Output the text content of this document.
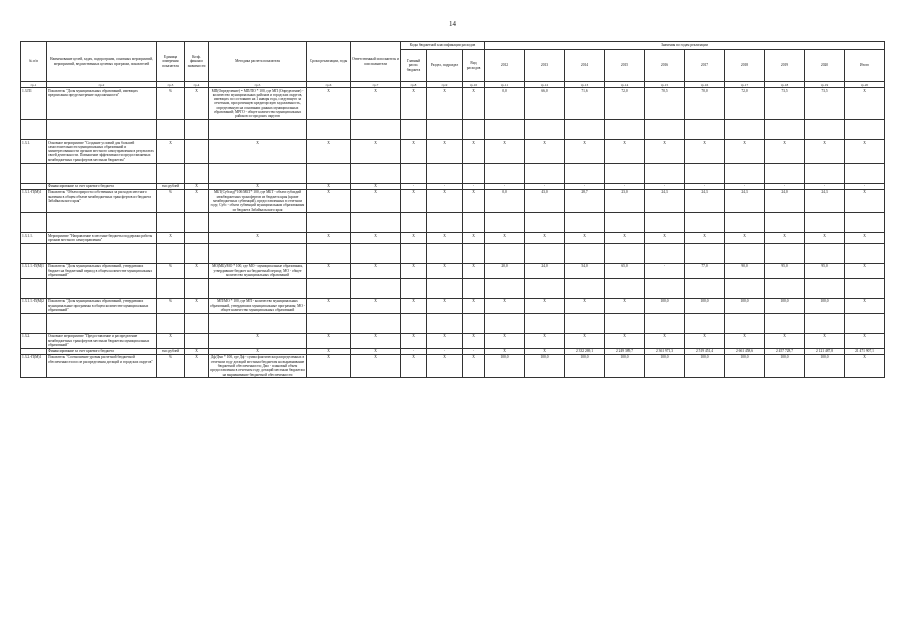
14
№ п/п	Наименование целей, задач, подпрограмм, основных мероприятий, мероприятий, ведомственных целевых программ, показателей	Единица измерения показателя	Коэф. финансо значимости	Методика расчета показателя	Сроки реализации, годы	Ответственный исполнитель и соисполнители	Коды бюджетной классификации расходов			Значения по годам реализации									
							Главный распо. бюджета	Раздел, подраздел	Вид расходов	2012	2013	2014	2015	2016	2017	2018	2019	2020	Итого

гр.1	гр.2	гр.3	гр.4	гр.5	гр.6	гр.7	гр.8	гр.9	гр.10	гр.11	гр.12	гр.13	гр.14	гр.15	гр.16	гр.17	гр.18	гр.19	гр.20
1.3.П1	Показатель "Доля муниципальных образований, имеющих предписания предусмотрение задолженности"	%	Х	МП(Определение) = МП/ПО * 100, где МП (Определение) - количество муниципальных районов и городских округов, имеющих по состоянию на 1 января года, следующего за отчетным, просроченную кредиторскую задолженность, определенную на основании данных муниципальных образований; МРГО - общее количество муниципальных районов и городских округов	Х	Х	Х	Х	Х	0,0	66,0	71,6	72,0	70,5	70,0	72,0	73,5	73,5	Х

1.3.1.	Основное мероприятие "Создание условий для большей самостоятельности муниципальных образований и заинтересованности органов местного самоуправления в результатах своей деятельности. Повышение эффективности предоставляемых межбюджетных трансфертов местным бюджетам"	Х		Х	Х	Х	Х	Х	Х	Х	Х	Х	Х	Х	Х	Х	Х	Х	Х

	Финансирование за счет краевого бюджета	тыс.рублей	Х	Х	Х	Х	-	-	-	-	-	-	-	-	-	-	-	-	-
1.3.1.-П(М)1	Показатель "Объем прироста собственных за расходов местного значения в общем объеме межбюджетных трансфертов из бюджета Забайкальского края"	%	Х	МБТ(Субсид)*100/МБТ* 100, где МБТ - объем субсидий межбюджетных трансфертов из бюджета края (кроме межбюджетных субвенций), предоставленных в отчетном году; Субс - объем субвенций муниципальным образованиям из бюджета Забайкальского края	Х	Х	Х	Х	Х	0,0	43,0	28,7	23,0	24,3	24,3	24,3	24,0	24,3	Х

1.3.1.1.	Мероприятие "Направление в местные бюджеты поддержки работы органов местного самоуправления"	Х		Х	Х	Х	Х	Х	Х	Х	Х	Х	Х	Х	Х	Х	Х	Х	Х

1.3.1.1.-П(М)1	Показатель "Доля муниципальных образований, утвердивших бюджет на бюджетный период в общем количестве муниципальных образований"	%	Х	МО(МБ)/МО * 100, где МО - муниципальные образования, утвердившие бюджет на бюджетный период; МО - общее количество муниципальных образований	Х	Х	Х	Х	Х	20,0	24,0	54,0	65,0	-	77,0	90,0	95,0	95,0	Х

1.3.1.1.-П(М)2	Показатель "Доля муниципальных образований, утвердивших муниципальные программы в общем количестве муниципальных образований"	%	Х	МП/МО * 100, где МП - количество муниципальных образований, утвердивших муниципальные программы; МО - общее количество муниципальных образований	Х	Х	Х	Х	Х	Х	Х	Х	Х	100,0	100,0	100,0	100,0	100,0	Х

1.3.2.	Основное мероприятие "Предоставление и распределение межбюджетных трансфертов местным бюджетам муниципальных образований"	Х		Х	Х	Х	Х	Х	Х	Х	Х	Х	Х	Х	Х	Х	Х	Х	Х
	Финансирование за счет краевого бюджета	тыс.рублей	Х	Х	Х	Х	-	-	-	Х	Х	2 332 269,1	2 249 389,7	2 361 971,3	2 519 451,4	2 661 458,6	2 457 728,7	2 121 487,8	21 471 907,1
1.3.2.-П(М)1	Показатель "Соотношение уровня расчетной бюджетной обеспеченности после распределения дотаций и городских округов"	%	Х	Дф/Дмо * 100, где Дф - сумма фактически распределенных в отчетном году дотаций местным бюджетам на выравнивание бюджетной обеспеченности; Дмо - плановый объем предоставления в отчетном году дотаций местным бюджетам на выравнивание бюджетной обеспеченности	Х	Х	Х	Х	Х	100,0	100,0	100,0	100,0	100,0	100,0	100,0	100,0	100,0	Х
